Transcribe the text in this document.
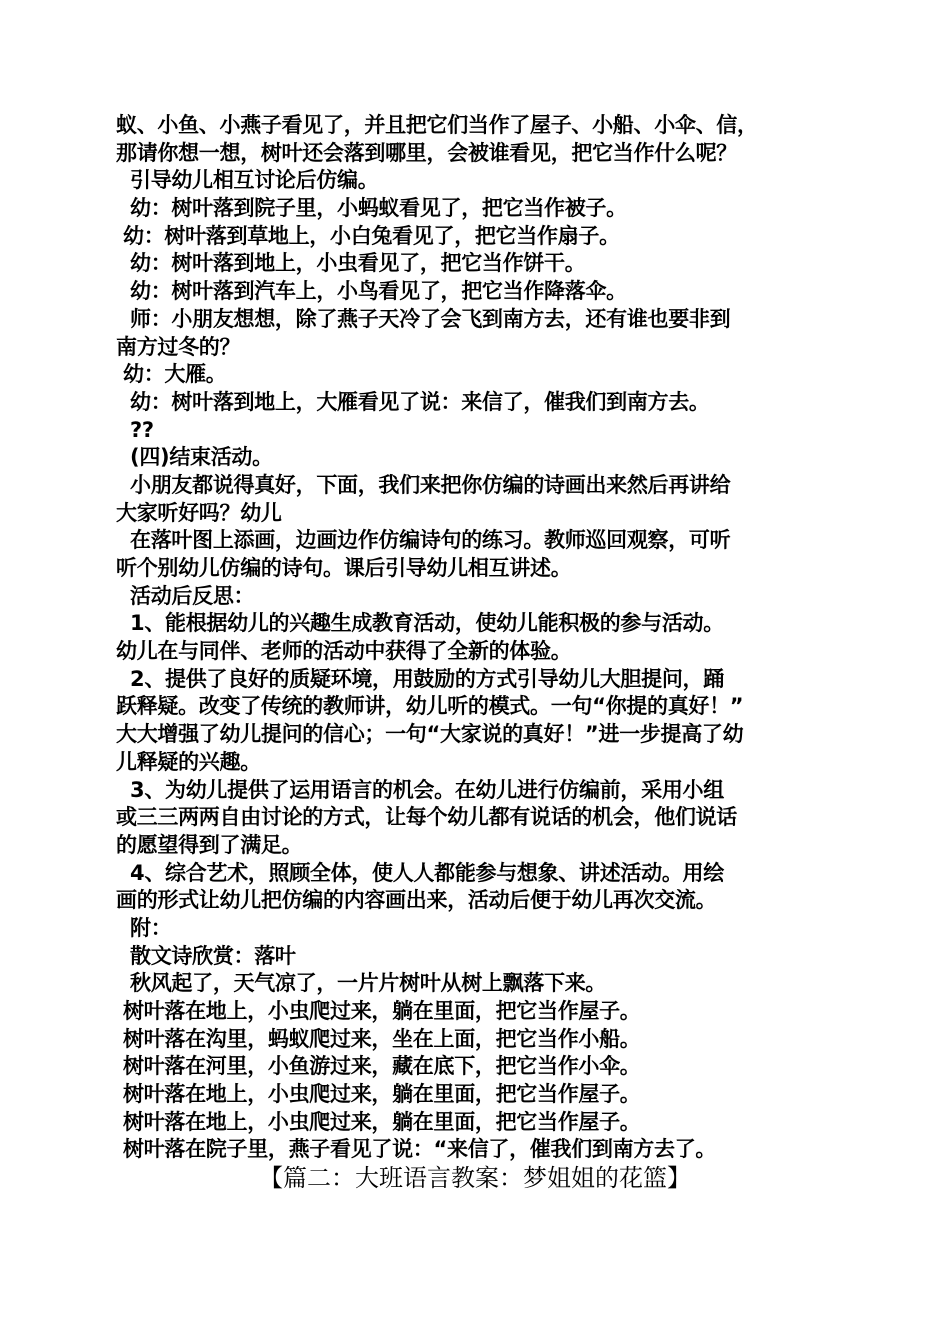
蚁、小鱼、小燕子看见了，并且把它们当作了屋子、小船、小伞、信，
那请你想一想，树叶还会落到哪里，会被谁看见，把它当作什么呢？
引导幼儿相互讨论后仿编。
幼：树叶落到院子里，小蚂蚁看见了，把它当作被子。
幼：树叶落到草地上，小白兔看见了，把它当作扇子。
幼：树叶落到地上，小虫看见了，把它当作饼干。
幼：树叶落到汽车上，小鸟看见了，把它当作降落伞。
师：小朋友想想，除了燕子天冷了会飞到南方去，还有谁也要非到
南方过冬的？
幼：大雁。
幼：树叶落到地上，大雁看见了说：来信了，催我们到南方去。
??
(四)结束活动。
小朋友都说得真好，下面，我们来把你仿编的诗画出来然后再讲给
大家听好吗？幼儿
在落叶图上添画，边画边作仿编诗句的练习。教师巡回观察，可听
听个别幼儿仿编的诗句。课后引导幼儿相互讲述。
活动后反思：
1、能根据幼儿的兴趣生成教育活动，使幼儿能积极的参与活动。
幼儿在与同伴、老师的活动中获得了全新的体验。
2、提供了良好的质疑环境，用鼓励的方式引导幼儿大胆提问，踊
跃释疑。改变了传统的教师讲，幼儿听的模式。一句“你提的真好！”
大大增强了幼儿提问的信心；一句“大家说的真好！”进一步提高了幼
儿释疑的兴趣。
3、为幼儿提供了运用语言的机会。在幼儿进行仿编前，采用小组
或三三两两自由讨论的方式，让每个幼儿都有说话的机会，他们说话
的愿望得到了满足。
4、综合艺术，照顾全体，使人人都能参与想象、讲述活动。用绘
画的形式让幼儿把仿编的内容画出来，活动后便于幼儿再次交流。
附：
散文诗欣赏：落叶
秋风起了，天气凉了，一片片树叶从树上飘落下来。
树叶落在地上，小虫爬过来，躺在里面，把它当作屋子。
树叶落在沟里，蚂蚁爬过来，坐在上面，把它当作小船。
树叶落在河里，小鱼游过来，藏在底下，把它当作小伞。
树叶落在地上，小虫爬过来，躺在里面，把它当作屋子。
树叶落在地上，小虫爬过来，躺在里面，把它当作屋子。
树叶落在院子里，燕子看见了说：“来信了，催我们到南方去了。
【篇二：大班语言教案：梦姐姐的花篮】
